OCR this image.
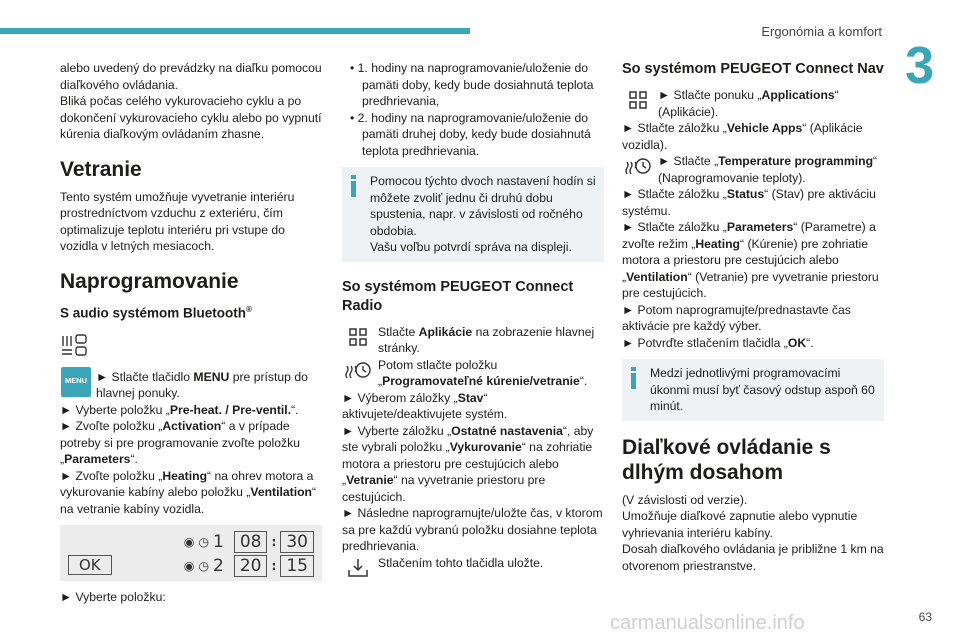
Ergonómia a komfort
3

alebo uvedený do prevádzky na diaľku pomocou diaľkového ovládania.

Bliká počas celého vykurovacieho cyklu a po dokončení vykurovacieho cyklu alebo po vypnutí kúrenia diaľkovým ovládaním zhasne.

Vetranie

Tento systém umožňuje vyvetranie interiéru prostredníctvom vzduchu z exteriéru, čím optimalizuje teplotu interiéru pri vstupe do vozidla v letných mesiacoch.

Naprogramovanie
S audio systémom Bluetooth®
MENU ► Stlačte tlačidlo MENU pre prístup do hlavnej ponuky.

► Vyberte položku „Pre-heat. / Pre-ventil.“.

► Zvoľte položku „Activation“ a v prípade potreby si pre programovanie zvoľte položku „Parameters“.

► Zvoľte položku „Heating“ na ohrev motora a vykurovanie kabíny alebo položku „Ventilation“ na vetranie kabíny vozidla.

◉ ◷ 1 08 : 30
◉ ◷ 2 20 : 15
OK

► Vyberte položku:

• 1. hodiny na naprogramovanie/uloženie do pamäti doby, kedy bude dosiahnutá teplota predhrievania,

• 2. hodiny na naprogramovanie/uloženie do pamäti druhej doby, kedy bude dosiahnutá teplota predhrievania.

Pomocou týchto dvoch nastavení hodín si môžete zvoliť jednu či druhú dobu spustenia, napr. v závislosti od ročného obdobia.
Vašu voľbu potvrdí správa na displeji.
So systémom PEUGEOT Connect Radio

Stlačte Aplikácie na zobrazenie hlavnej stránky.

Potom stlačte položku „Programovateľné kúrenie/vetranie“.

► Výberom záložky „Stav“ aktivujete/deaktivujete systém.

► Vyberte záložku „Ostatné nastavenia“, aby ste vybrali položku „Vykurovanie“ na zohriatie motora a priestoru pre cestujúcich alebo „Vetranie“ na vyvetranie priestoru pre cestujúcich.

► Následne naprogramujte/uložte čas, v ktorom sa pre každú vybranú položku dosiahne teplota predhrievania.

Stlačením tohto tlačidla uložte.

So systémom PEUGEOT Connect Nav

► Stlačte ponuku „Applications“ (Aplikácie).

► Stlačte záložku „Vehicle Apps“ (Aplikácie vozidla).

► Stlačte „Temperature programming“ (Naprogramovanie teploty).

► Stlačte záložku „Status“ (Stav) pre aktiváciu systému.

► Stlačte záložku „Parameters“ (Parametre) a zvoľte režim „Heating“ (Kúrenie) pre zohriatie motora a priestoru pre cestujúcich alebo „Ventilation“ (Vetranie) pre vyvetranie priestoru pre cestujúcich.

► Potom naprogramujte/prednastavte čas aktivácie pre každý výber.

► Potvrďte stlačením tlačidla „OK“.

Medzi jednotlivými programovacími úkonmi musí byť časový odstup aspoň 60 minút.
Diaľkové ovládanie s dlhým dosahom

(V závislosti od verzie).

Umožňuje diaľkové zapnutie alebo vypnutie vyhrievania interiéru kabíny.

Dosah diaľkového ovládania je približne 1 km na otvorenom priestranstve.

carmanualsonline.info	63
